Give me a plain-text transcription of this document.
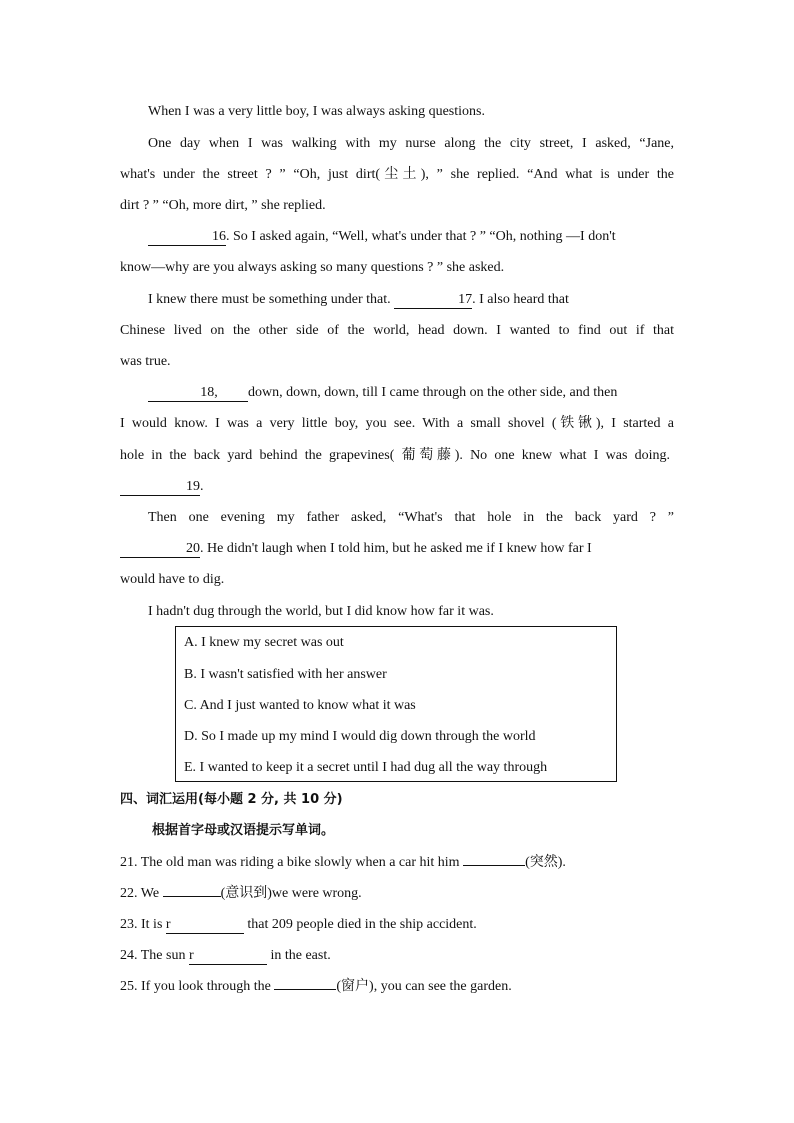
When I was a very little boy, I was always asking questions.
One day when I was walking with my nurse along the city street, I asked, “Jane,
what's under the street ? ” “Oh, just dirt(尘土), ” she replied. “And what is under the
dirt ? ” “Oh, more dirt, ” she replied.
16. So I asked again, “Well, what's under that ? ” “Oh, nothing —I don't
know—why are you always asking so many questions ? ” she asked.
I knew there must be something under that.	17. I also heard that
Chinese lived on the other side of the world, head down. I wanted to find out if that
was true.
18, down, down, down, till I came through on the other side, and then
I would know. I was a very little boy, you see. With a small shovel (铁锹), I started a
hole in the back yard behind the grapevines( 葡萄藤). No one knew what I was doing.
19.
Then one evening my father asked, “What's that hole in the back yard ? ”
20. He didn't laugh when I told him, but he asked me if I knew how far I
would have to dig.
I hadn't dug through the world, but I did know how far it was.
A. I knew my secret was out
B. I wasn't satisfied with her answer
C. And I just wanted to know what it was
D. So I made up my mind I would dig down through the world
E. I wanted to keep it a secret until I had dug all the way through
四、词汇运用(每小题 2 分, 共 10 分)
根据首字母或汉语提示写单词。
21. The old man was riding a bike slowly when a car hit him	(突然).
22. We	(意识到)we were wrong.
23. It is r	that 209 people died in the ship accident.
24. The sun r	in the east.
25. If you look through the	(窗户), you can see the garden.
